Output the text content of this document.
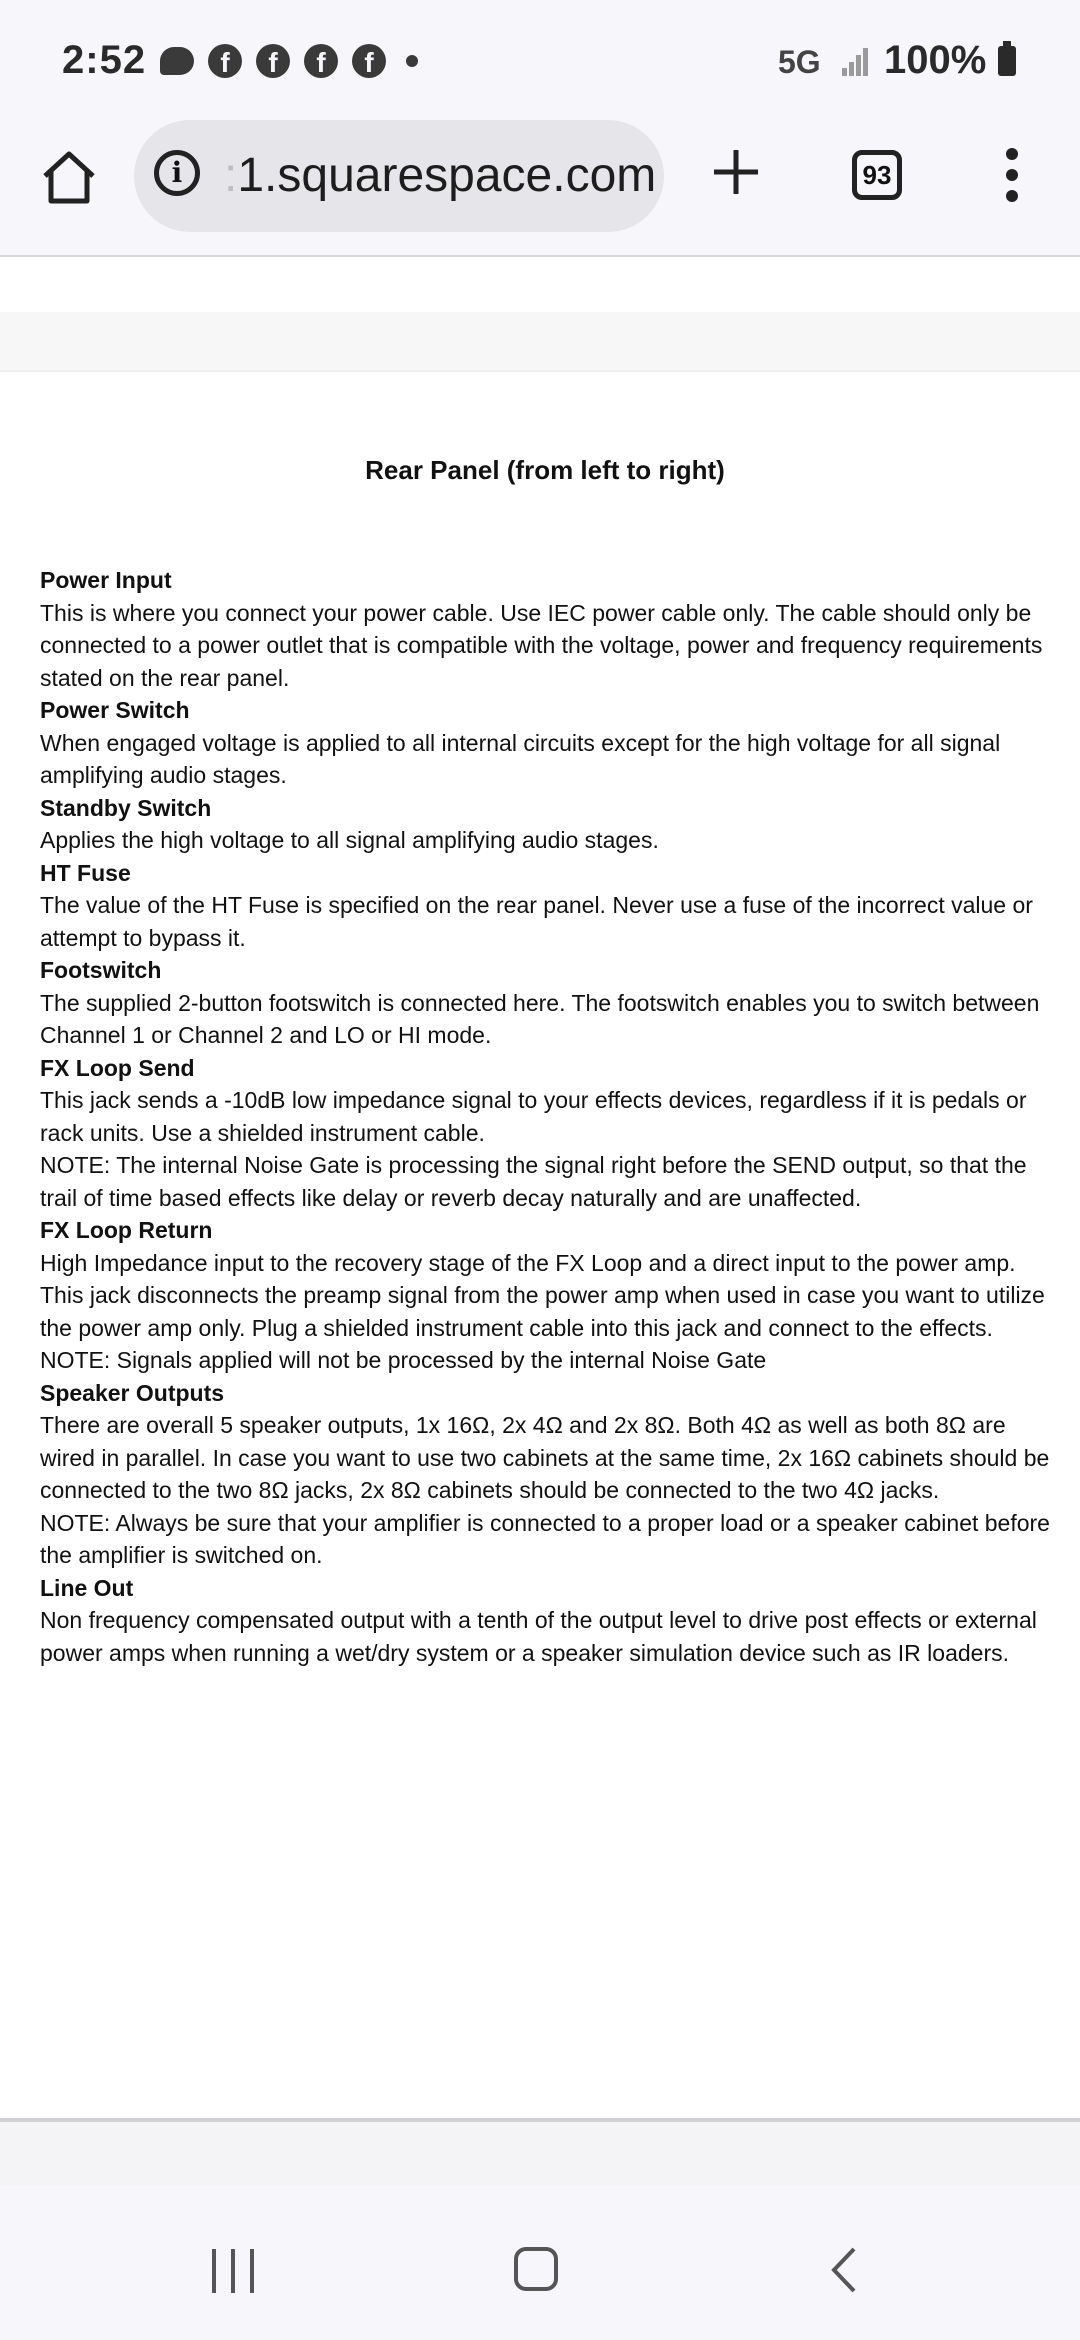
2:52	f	f	f	f	5G 100%
i :1.squarespace.com	93
Rear Panel (from left to right)
Power Input

This is where you connect your power cable. Use IEC power cable only. The cable should only be connected to a power outlet that is compatible with the voltage, power and frequency requirements stated on the rear panel.

Power Switch

When engaged voltage is applied to all internal circuits except for the high voltage for all signal amplifying audio stages.

Standby Switch

Applies the high voltage to all signal amplifying audio stages.

HT Fuse

The value of the HT Fuse is specified on the rear panel. Never use a fuse of the incorrect value or attempt to bypass it.

Footswitch

The supplied 2-button footswitch is connected here. The footswitch enables you to switch between Channel 1 or Channel 2 and LO or HI mode.

FX Loop Send

This jack sends a -10dB low impedance signal to your effects devices, regardless if it is pedals or rack units. Use a shielded instrument cable.

NOTE: The internal Noise Gate is processing the signal right before the SEND output, so that the trail of time based effects like delay or reverb decay naturally and are unaffected.

FX Loop Return

High Impedance input to the recovery stage of the FX Loop and a direct input to the power amp. This jack disconnects the preamp signal from the power amp when used in case you want to utilize the power amp only. Plug a shielded instrument cable into this jack and connect to the effects.

NOTE: Signals applied will not be processed by the internal Noise Gate

Speaker Outputs

There are overall 5 speaker outputs, 1x 16Ω, 2x 4Ω and 2x 8Ω. Both 4Ω as well as both 8Ω are wired in parallel. In case you want to use two cabinets at the same time, 2x 16Ω cabinets should be connected to the two 8Ω jacks, 2x 8Ω cabinets should be connected to the two 4Ω jacks.

NOTE: Always be sure that your amplifier is connected to a proper load or a speaker cabinet before the amplifier is switched on.

Line Out

Non frequency compensated output with a tenth of the output level to drive post effects or external power amps when running a wet/dry system or a speaker simulation device such as IR loaders.
